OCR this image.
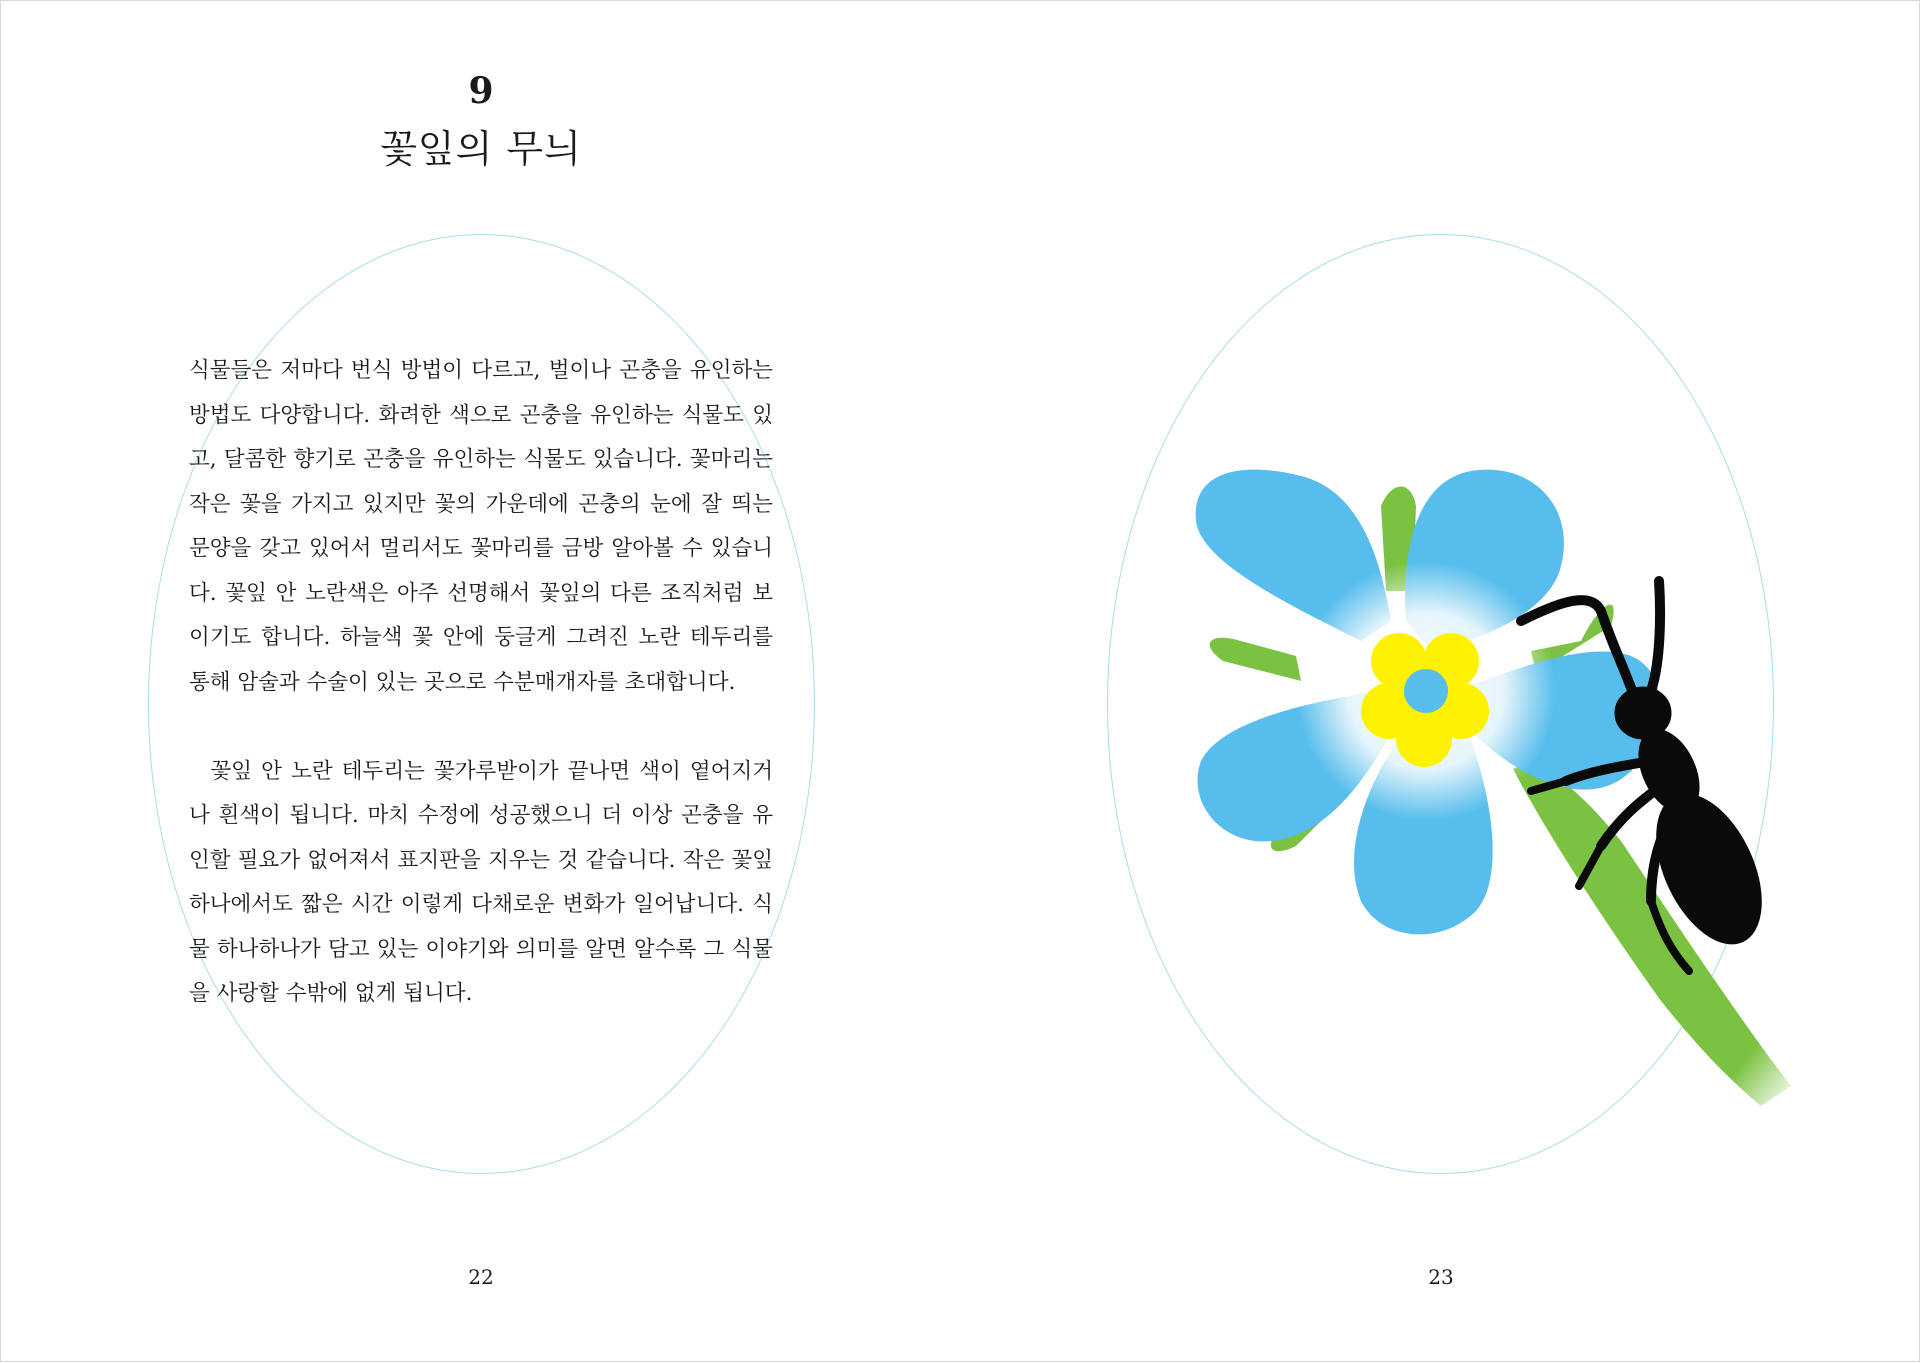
9
꽃잎의 무늬

식물들은 저마다 번식 방법이 다르고, 벌이나 곤충을 유인하는 방법도 다양합니다. 화려한 색으로 곤충을 유인하는 식물도 있고, 달콤한 향기로 곤충을 유인하는 식물도 있습니다. 꽃마리는 작은 꽃을 가지고 있지만 꽃의 가운데에 곤충의 눈에 잘 띄는 문양을 갖고 있어서 멀리서도 꽃마리를 금방 알아볼 수 있습니다. 꽃잎 안 노란색은 아주 선명해서 꽃잎의 다른 조직처럼 보이기도 합니다. 하늘색 꽃 안에 둥글게 그려진 노란 테두리를 통해 암술과 수술이 있는 곳으로 수분매개자를 초대합니다.

꽃잎 안 노란 테두리는 꽃가루받이가 끝나면 색이 옅어지거나 흰색이 됩니다. 마치 수정에 성공했으니 더 이상 곤충을 유인할 필요가 없어져서 표지판을 지우는 것 같습니다. 작은 꽃잎 하나에서도 짧은 시간 이렇게 다채로운 변화가 일어납니다. 식물 하나하나가 담고 있는 이야기와 의미를 알면 알수록 그 식물을 사랑할 수밖에 없게 됩니다.

22	23
